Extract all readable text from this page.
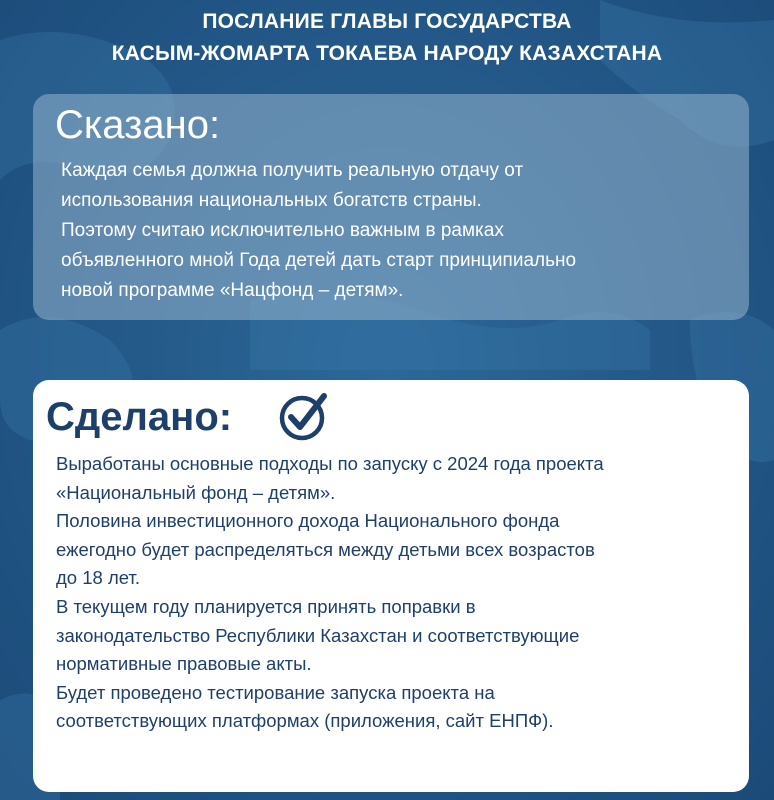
ПОСЛАНИЕ ГЛАВЫ ГОСУДАРСТВА
КАСЫМ-ЖОМАРТА ТОКАЕВА НАРОДУ КАЗАХСТАНА
Сказано:
Каждая семья должна получить реальную отдачу от
использования национальных богатств страны.
Поэтому считаю исключительно важным в рамках
объявленного мной Года детей дать старт принципиально
новой программе «Нацфонд – детям».
Сделано:
Выработаны основные подходы по запуску с 2024 года проекта
«Национальный фонд – детям».
Половина инвестиционного дохода Национального фонда
ежегодно будет распределяться между детьми всех возрастов
до 18 лет.
В текущем году планируется принять поправки в
законодательство Республики Казахстан и соответствующие
нормативные правовые акты.
Будет проведено тестирование запуска проекта на
соответствующих платформах (приложения, сайт ЕНПФ).
